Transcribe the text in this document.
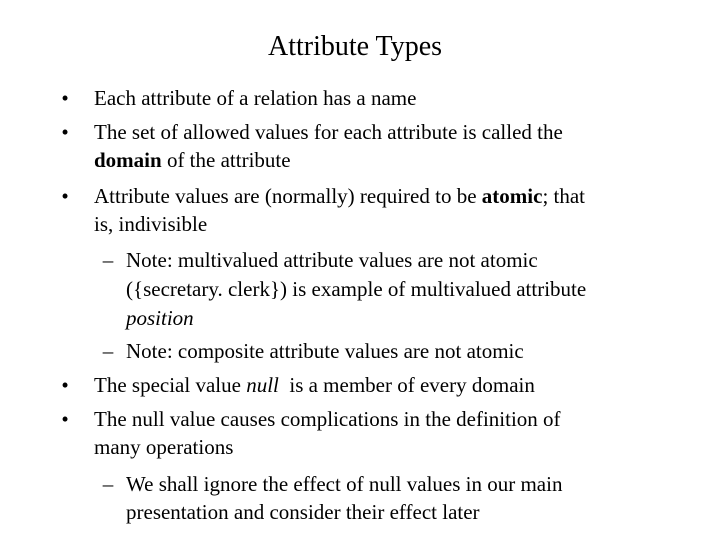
Attribute Types
• Each attribute of a relation has a name
• The set of allowed values for each attribute is called the
domain of the attribute
• Attribute values are (normally) required to be atomic; that
is, indivisible
– Note: multivalued attribute values are not atomic
({secretary. clerk}) is example of multivalued attribute
position
– Note: composite attribute values are not atomic
• The special value null  is a member of every domain
• The null value causes complications in the definition of
many operations
– We shall ignore the effect of null values in our main
presentation and consider their effect later
